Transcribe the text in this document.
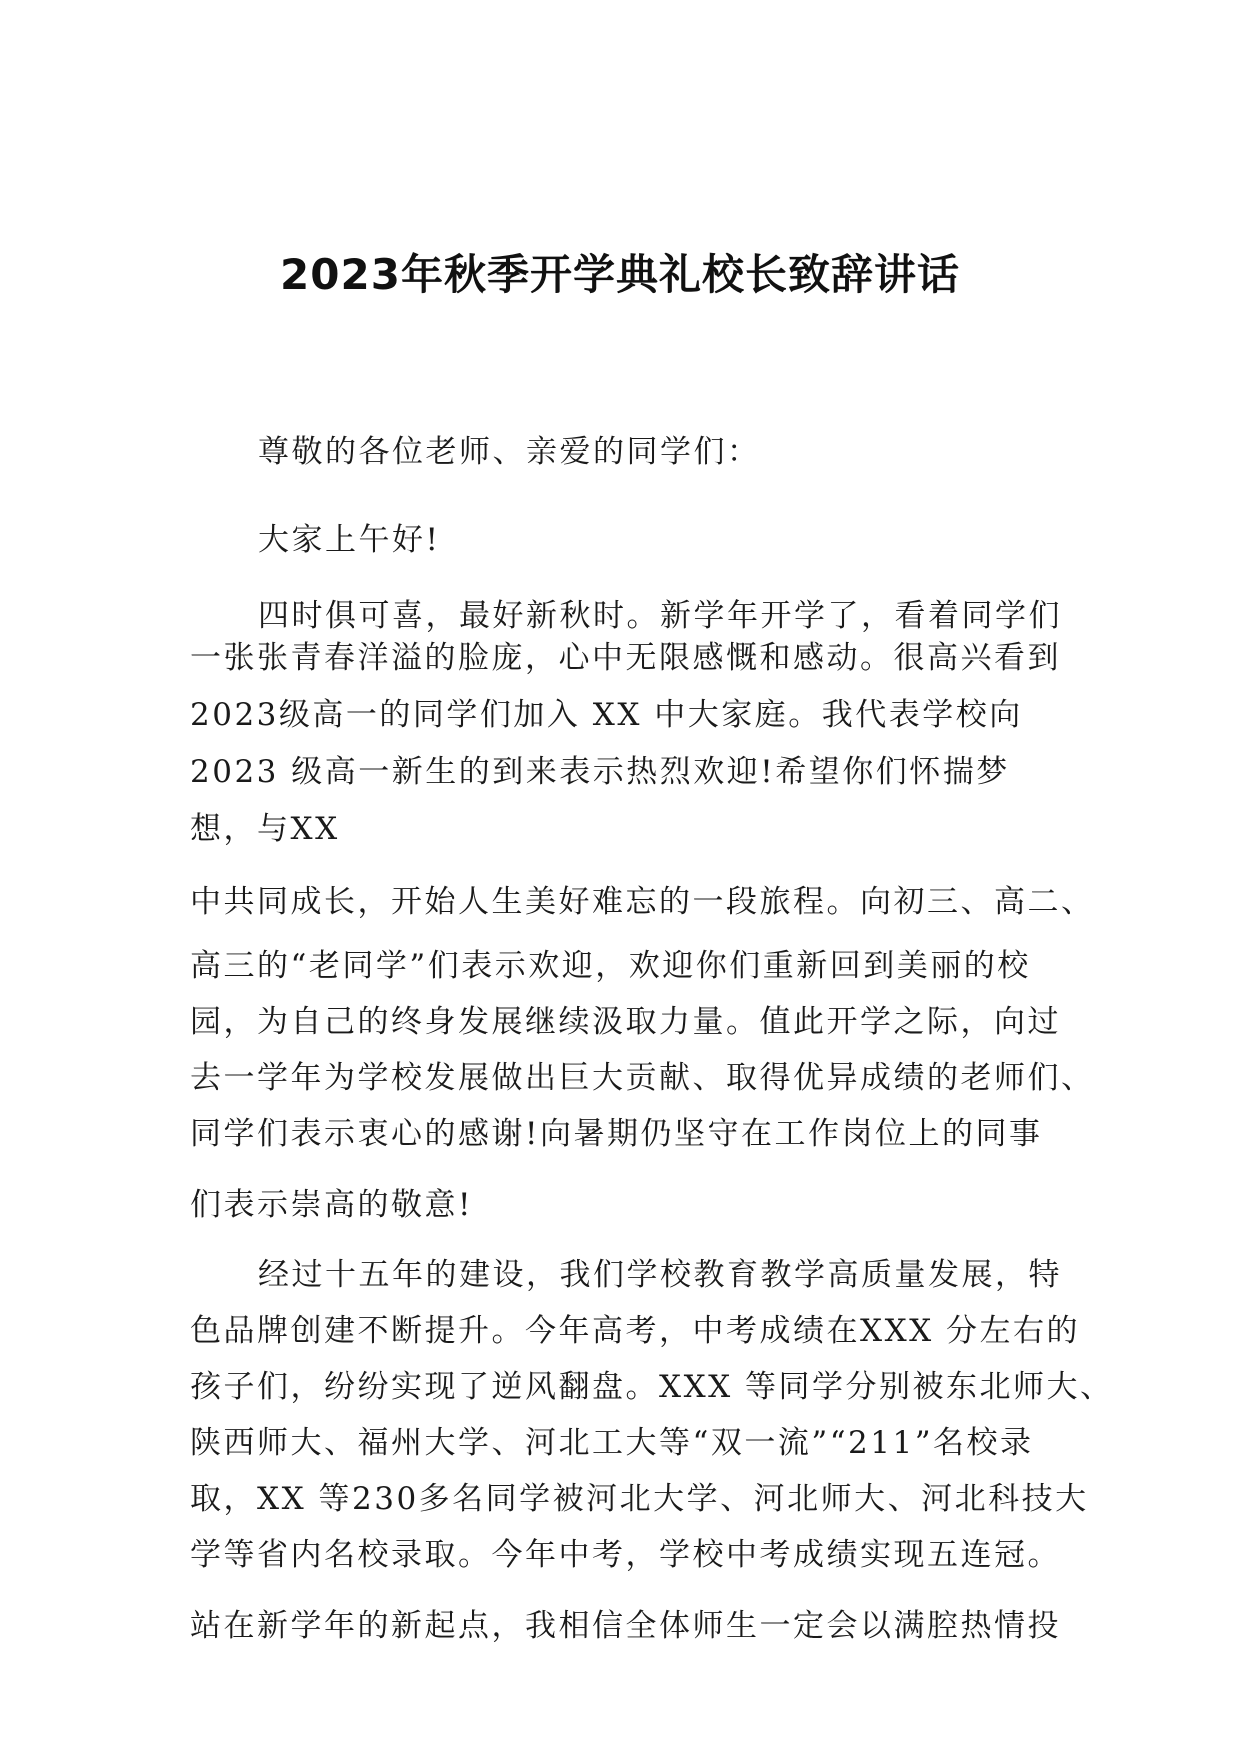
2023年秋季开学典礼校长致辞讲话
尊敬的各位老师、亲爱的同学们：
大家上午好!
四时俱可喜，最好新秋时。新学年开学了，看着同学们
一张张青春洋溢的脸庞，心中无限感慨和感动。很高兴看到
2023级高一的同学们加入 XX 中大家庭。我代表学校向
2023 级高一新生的到来表示热烈欢迎!希望你们怀揣梦
想，与XX
中共同成长，开始人生美好难忘的一段旅程。向初三、高二、
高三的“老同学”们表示欢迎，欢迎你们重新回到美丽的校
园，为自己的终身发展继续汲取力量。值此开学之际，向过
去一学年为学校发展做出巨大贡献、取得优异成绩的老师们、
同学们表示衷心的感谢!向暑期仍坚守在工作岗位上的同事
们表示崇高的敬意!
经过十五年的建设，我们学校教育教学高质量发展，特
色品牌创建不断提升。今年高考，中考成绩在XXX 分左右的
孩子们，纷纷实现了逆风翻盘。XXX 等同学分别被东北师大、
陕西师大、福州大学、河北工大等“双一流”“211”名校录
取，XX 等230多名同学被河北大学、河北师大、河北科技大
学等省内名校录取。今年中考，学校中考成绩实现五连冠。
站在新学年的新起点，我相信全体师生一定会以满腔热情投
